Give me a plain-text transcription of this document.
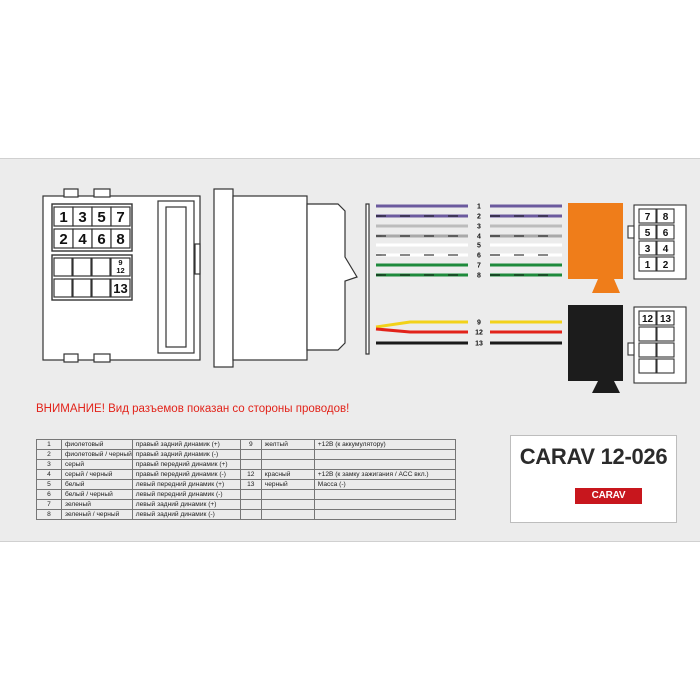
1 3 5 7
2 4 6 8
9
12
13
1
2
3
4
5
6
7
8
9
12
13
7 8
5 6
3 4
1 2
12 13
ВНИМАНИЕ! Вид разъемов показан со стороны проводов!
1	фиолетовый	правый задний динамик (+)	9	желтый	+12В (к аккумулятору)
2	фиолетовый / черный	правый задний динамик (-)			
3	серый	правый передний динамик (+)			
4	серый / черный	правый передний динамик (-)	12	красный	+12В (к замку зажигания / ACC вкл.)
5	белый	левый передний динамик (+)	13	черный	Масса (-)
6	белый / черный	левый передний динамик (-)			
7	зеленый	левый задний динамик (+)			
8	зеленый / черный	левый задний динамик (-)			
CARAV 12-026
CARAV
